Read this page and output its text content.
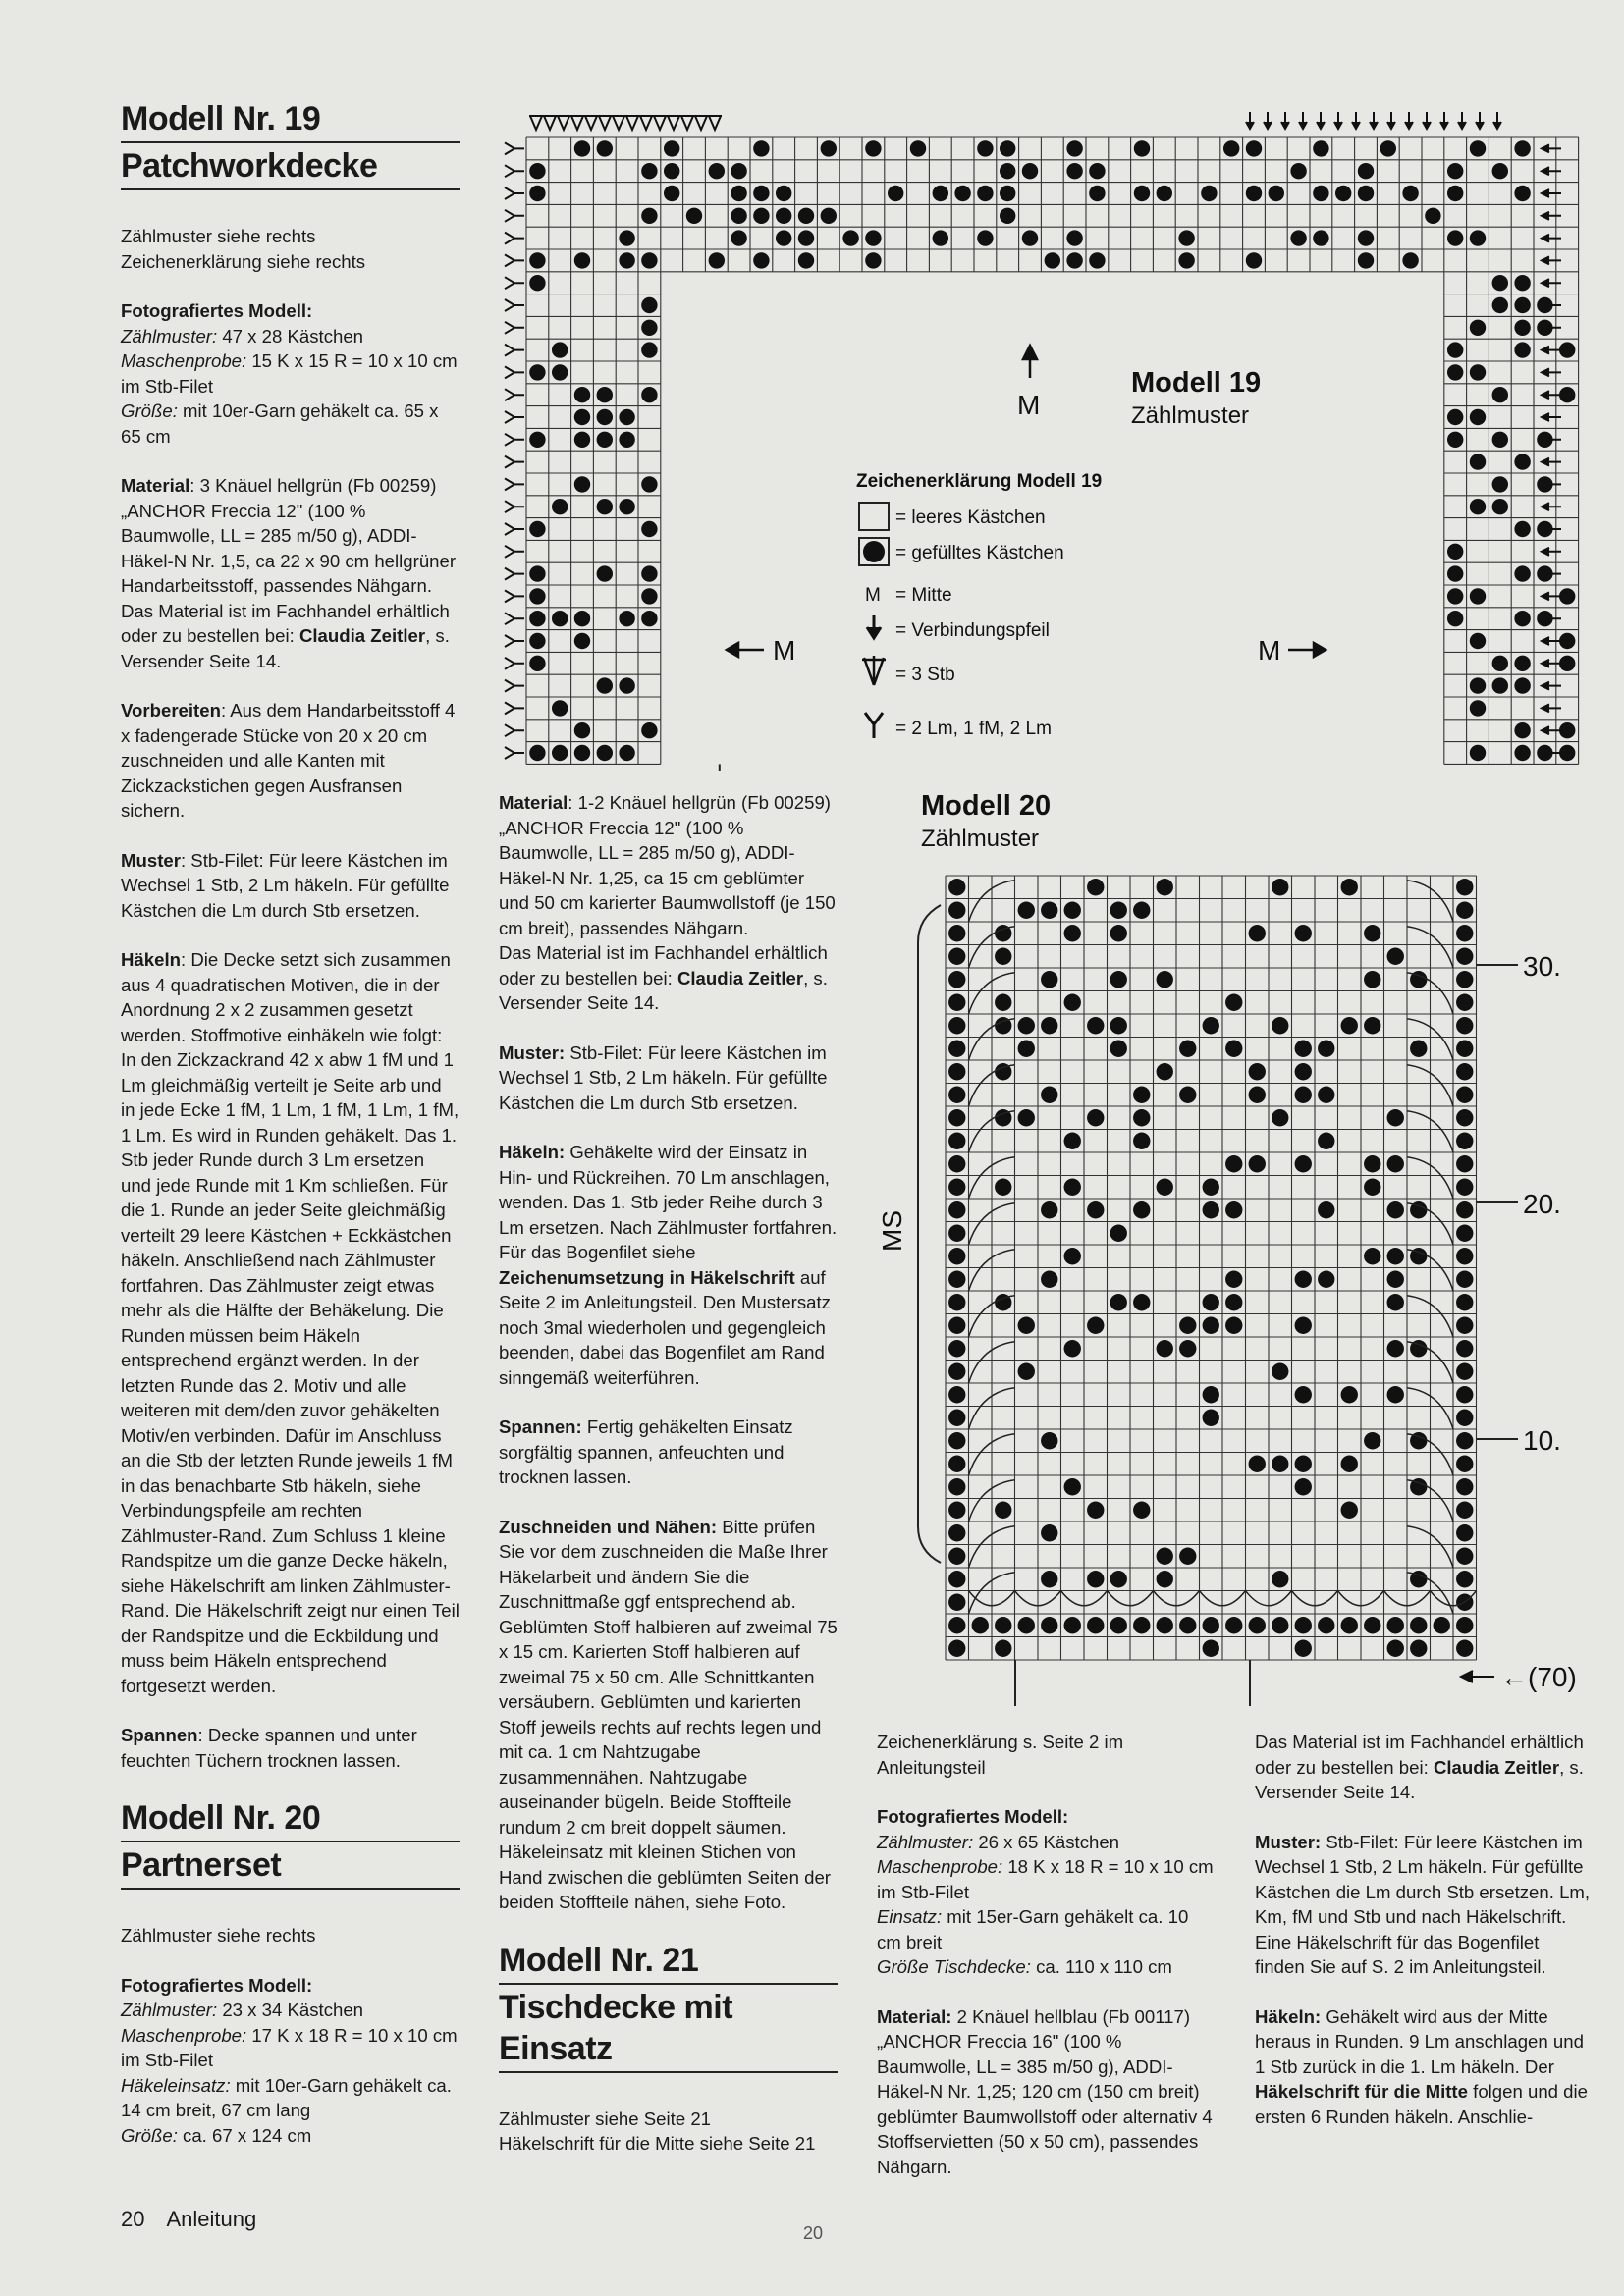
Modell Nr. 19
Patchworkdecke

Zählmuster siehe rechts
Zeichenerklärung siehe rechts

Fotografiertes Modell:
Zählmuster: 47 x 28 Kästchen
Maschenprobe: 15 K x 15 R = 10 x 10 cm im Stb-Filet
Größe: mit 10er-Garn gehäkelt ca. 65 x 65 cm

Material: 3 Knäuel hellgrün (Fb 00259) „ANCHOR Freccia 12" (100 % Baumwolle, LL = 285 m/50 g), ADDI-Häkel-N Nr. 1,5, ca 22 x 90 cm hellgrüner Handarbeitsstoff, passendes Nähgarn.
Das Material ist im Fachhandel erhältlich oder zu bestellen bei: Claudia Zeitler, s. Versender Seite 14.

Vorbereiten: Aus dem Handarbeitsstoff 4 x fadengerade Stücke von 20 x 20 cm zuschneiden und alle Kanten mit Zickzackstichen gegen Ausfransen sichern.

Muster: Stb-Filet: Für leere Kästchen im Wechsel 1 Stb, 2 Lm häkeln. Für gefüllte Kästchen die Lm durch Stb ersetzen.

Häkeln: Die Decke setzt sich zusammen aus 4 quadratischen Motiven, die in der Anordnung 2 x 2 zusammen gesetzt werden. Stoffmotive einhäkeln wie folgt: In den Zickzackrand 42 x abw 1 fM und 1 Lm gleichmäßig verteilt je Seite arb und in jede Ecke 1 fM, 1 Lm, 1 fM, 1 Lm, 1 fM, 1 Lm. Es wird in Runden gehäkelt. Das 1. Stb jeder Runde durch 3 Lm ersetzen und jede Runde mit 1 Km schließen. Für die 1. Runde an jeder Seite gleichmäßig verteilt 29 leere Kästchen + Eckkästchen häkeln. Anschließend nach Zählmuster fortfahren. Das Zählmuster zeigt etwas mehr als die Hälfte der Behäkelung. Die Runden müssen beim Häkeln entsprechend ergänzt werden. In der letzten Runde das 2. Motiv und alle weiteren mit dem/den zuvor gehäkelten Motiv/en verbinden. Dafür im Anschluss an die Stb der letzten Runde jeweils 1 fM in das benachbarte Stb häkeln, siehe Verbindungspfeile am rechten Zählmuster-Rand. Zum Schluss 1 kleine Randspitze um die ganze Decke häkeln, siehe Häkelschrift am linken Zählmuster-Rand. Die Häkelschrift zeigt nur einen Teil der Randspitze und die Eckbildung und muss beim Häkeln entsprechend fortgesetzt werden.

Spannen: Decke spannen und unter feuchten Tüchern trocknen lassen.

Modell Nr. 20
Partnerset

Zählmuster siehe rechts

Fotografiertes Modell:
Zählmuster: 23 x 34 Kästchen
Maschenprobe: 17 K x 18 R = 10 x 10 cm im Stb-Filet
Häkeleinsatz: mit 10er-Garn gehäkelt ca. 14 cm breit, 67 cm lang
Größe: ca. 67 x 124 cm

Material: 1-2 Knäuel hellgrün (Fb 00259) „ANCHOR Freccia 12" (100 % Baumwolle, LL = 285 m/50 g), ADDI-Häkel-N Nr. 1,25, ca 15 cm geblümter und 50 cm karierter Baumwollstoff (je 150 cm breit), passendes Nähgarn.
Das Material ist im Fachhandel erhältlich oder zu bestellen bei: Claudia Zeitler, s. Versender Seite 14.

Muster: Stb-Filet: Für leere Kästchen im Wechsel 1 Stb, 2 Lm häkeln. Für gefüllte Kästchen die Lm durch Stb ersetzen.

Häkeln: Gehäkelte wird der Einsatz in Hin- und Rückreihen. 70 Lm anschlagen, wenden. Das 1. Stb jeder Reihe durch 3 Lm ersetzen. Nach Zählmuster fortfahren. Für das Bogenfilet siehe Zeichenumsetzung in Häkelschrift auf Seite 2 im Anleitungsteil. Den Mustersatz noch 3mal wiederholen und gegengleich beenden, dabei das Bogenfilet am Rand sinngemäß weiterführen.

Spannen: Fertig gehäkelten Einsatz sorgfältig spannen, anfeuchten und trocknen lassen.

Zuschneiden und Nähen: Bitte prüfen Sie vor dem zuschneiden die Maße Ihrer Häkelarbeit und ändern Sie die Zuschnittmaße ggf entsprechend ab. Geblümten Stoff halbieren auf zweimal 75 x 15 cm. Karierten Stoff halbieren auf zweimal 75 x 50 cm. Alle Schnittkanten versäubern. Geblümten und karierten Stoff jeweils rechts auf rechts legen und mit ca. 1 cm Nahtzugabe zusammennähen. Nahtzugabe auseinander bügeln. Beide Stoffteile rundum 2 cm breit doppelt säumen. Häkeleinsatz mit kleinen Stichen von Hand zwischen die geblümten Seiten der beiden Stoffteile nähen, siehe Foto.

Modell Nr. 21
Tischdecke mit Einsatz

Zählmuster siehe Seite 21
Häkelschrift für die Mitte siehe Seite 21

Zeichenerklärung s. Seite 2 im Anleitungsteil

Fotografiertes Modell:
Zählmuster: 26 x 65 Kästchen
Maschenprobe: 18 K x 18 R = 10 x 10 cm im Stb-Filet
Einsatz: mit 15er-Garn gehäkelt ca. 10 cm breit
Größe Tischdecke: ca. 110 x 110 cm

Material: 2 Knäuel hellblau (Fb 00117) „ANCHOR Freccia 16" (100 % Baumwolle, LL = 385 m/50 g), ADDI-Häkel-N Nr. 1,25; 120 cm (150 cm breit) geblümter Baumwollstoff oder alternativ 4 Stoffservietten (50 x 50 cm), passendes Nähgarn.

Das Material ist im Fachhandel erhältlich oder zu bestellen bei: Claudia Zeitler, s. Versender Seite 14.

Muster: Stb-Filet: Für leere Kästchen im Wechsel 1 Stb, 2 Lm häkeln. Für gefüllte Kästchen die Lm durch Stb ersetzen. Lm, Km, fM und Stb und nach Häkelschrift.
Eine Häkelschrift für das Bogenfilet finden Sie auf S. 2 im Anleitungsteil.

Häkeln: Gehäkelt wird aus der Mitte heraus in Runden. 9 Lm anschlagen und 1 Stb zurück in die 1. Lm häkeln. Der Häkelschrift für die Mitte folgen und die ersten 6 Runden häkeln. Anschlie-

Zeichenerklärung Modell 19
= leeres Kästchen
= gefülltes Kästchen
M = Mitte
= Verbindungspfeil
= 3 Stb
= 2 Lm, 1 fM, 2 Lm
Modell 19
Zählmuster
M
M	M
Modell 20
Zählmuster
MS
30.
20.
10.
←(70)
20 Anleitung
20
